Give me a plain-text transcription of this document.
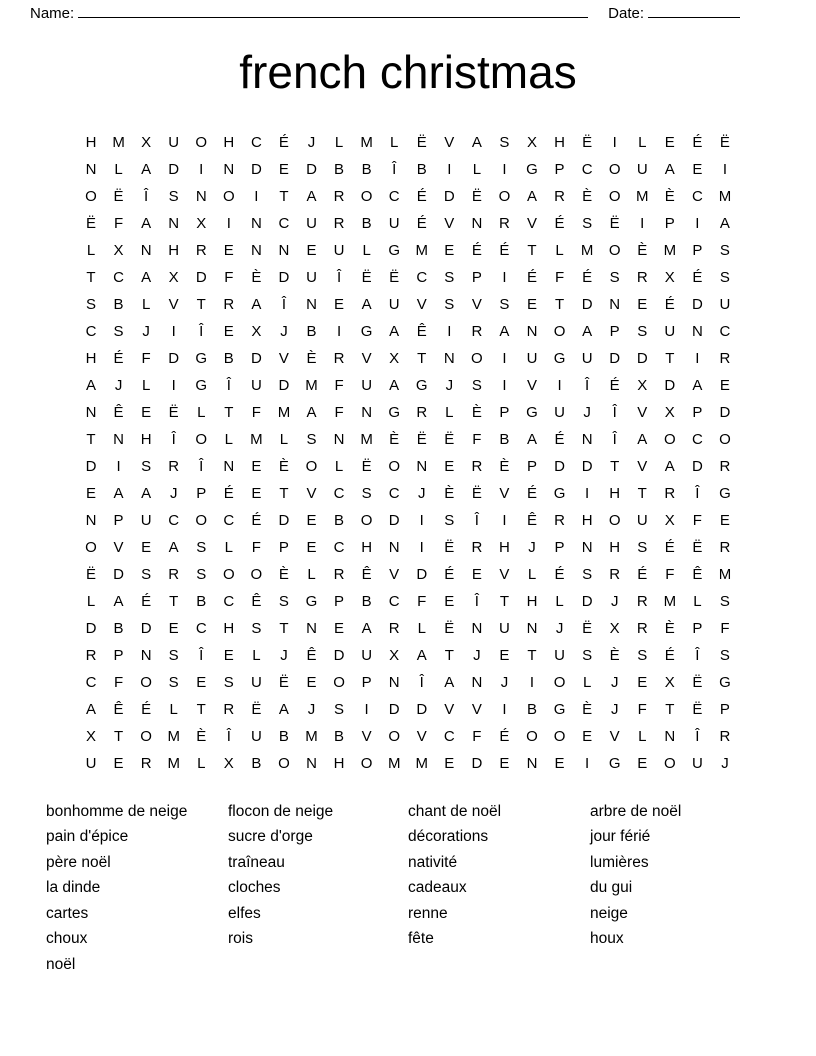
Name:	Date:
french christmas
H	M	X	U	O	H	C	É	J	L	M	L	Ë	V	A	S	X	H	Ë	I	L	E	É	Ë
N	L	A	D	I	N	D	E	D	B	B	Î	B	I	L	I	G	P	C	O	U	A	E	I
O	Ë	Î	S	N	O	I	T	A	R	O	C	É	D	Ë	O	A	R	È	O	M	È	C	M
Ë	F	A	N	X	I	N	C	U	R	B	U	É	V	N	R	V	É	S	Ë	I	P	I	A
L	X	N	H	R	E	N	N	E	U	L	G	M	E	É	É	T	L	M	O	È	M	P	S
T	C	A	X	D	F	È	D	U	Î	Ë	Ë	C	S	P	I	É	F	É	S	R	X	É	S
S	B	L	V	T	R	A	Î	N	E	A	U	V	S	V	S	E	T	D	N	E	É	D	U
C	S	J	I	Î	E	X	J	B	I	G	A	Ê	I	R	A	N	O	A	P	S	U	N	C
H	É	F	D	G	B	D	V	È	R	V	X	T	N	O	I	U	G	U	D	D	T	I	R
A	J	L	I	G	Î	U	D	M	F	U	A	G	J	S	I	V	I	Î	É	X	D	A	E
N	Ê	E	Ë	L	T	F	M	A	F	N	G	R	L	È	P	G	U	J	Î	V	X	P	D
T	N	H	Î	O	L	M	L	S	N	M	È	Ë	Ë	F	B	A	É	N	Î	A	O	C	O
D	I	S	R	Î	N	E	È	O	L	Ë	O	N	E	R	È	P	D	D	T	V	A	D	R
E	A	A	J	P	É	E	T	V	C	S	C	J	È	Ë	V	É	G	I	H	T	R	Î	G
N	P	U	C	O	C	É	D	E	B	O	D	I	S	Î	I	Ê	R	H	O	U	X	F	E
O	V	E	A	S	L	F	P	E	C	H	N	I	Ë	R	H	J	P	N	H	S	É	Ë	R
Ë	D	S	R	S	O	O	È	L	R	Ê	V	D	É	E	V	L	É	S	R	É	F	Ê	M
L	A	É	T	B	C	Ê	S	G	P	B	C	F	E	Î	T	H	L	D	J	R	M	L	S
D	B	D	E	C	H	S	T	N	E	A	R	L	Ë	N	U	N	J	Ë	X	R	È	P	F
R	P	N	S	Î	E	L	J	Ê	D	U	X	A	T	J	E	T	U	S	È	S	É	Î	S
C	F	O	S	E	S	U	Ë	E	O	P	N	Î	A	N	J	I	O	L	J	E	X	Ë	G
A	Ê	É	L	T	R	Ë	A	J	S	I	D	D	V	V	I	B	G	È	J	F	T	Ë	P
X	T	O	M	È	Î	U	B	M	B	V	O	V	C	F	É	O	O	E	V	L	N	Î	R
U	E	R	M	L	X	B	O	N	H	O	M	M	E	D	E	N	E	I	G	E	O	U	J
bonhomme de neige
pain d'épice
père noël
la dinde
cartes
choux
noël
flocon de neige
sucre d'orge
traîneau
cloches
elfes
rois
chant de noël
décorations
nativité
cadeaux
renne
fête
arbre de noël
jour férié
lumières
du gui
neige
houx
